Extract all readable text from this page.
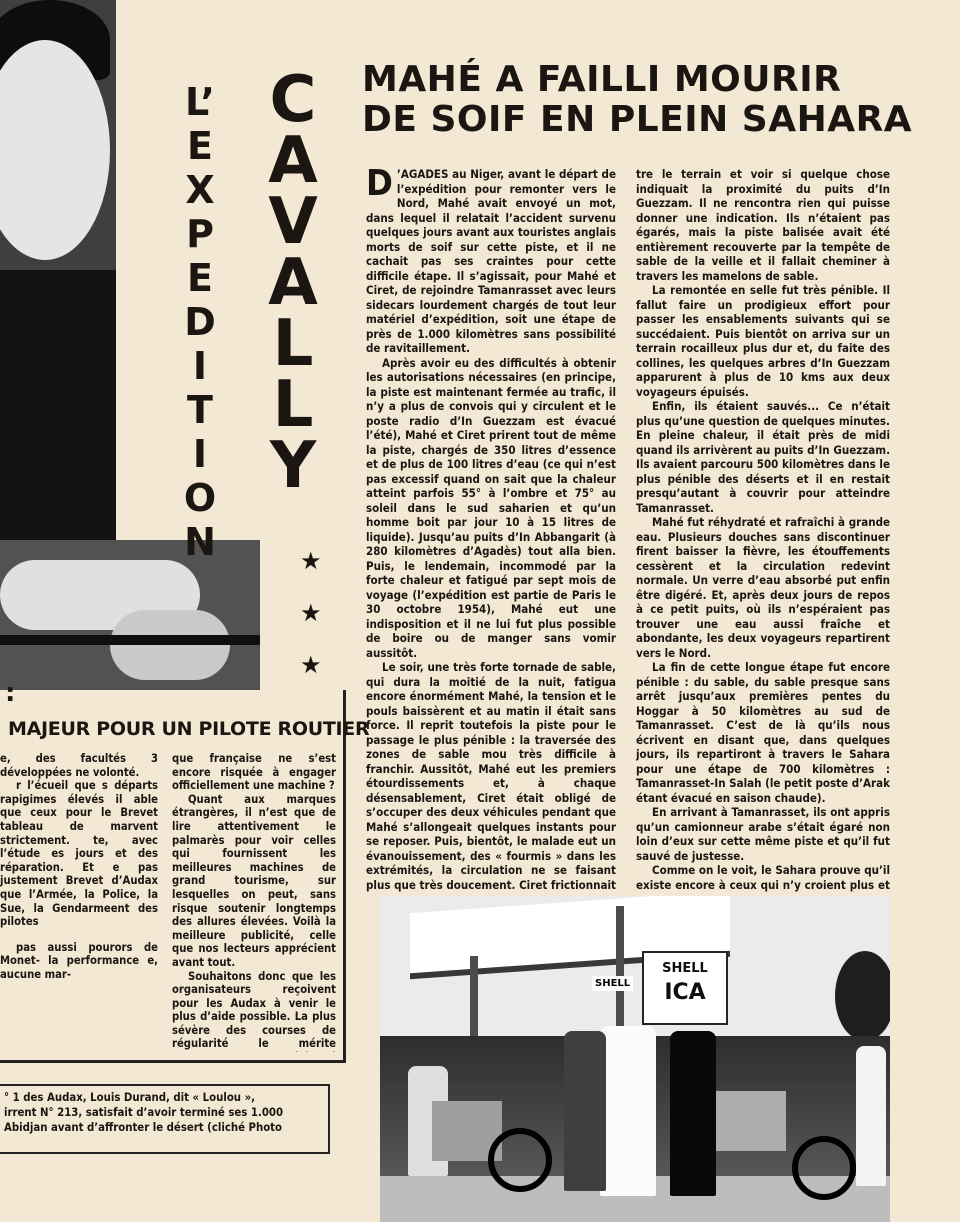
L’
E
X
P
E
D
I
T
I
O
N
C
A
V
A
L
L
Y
★
★
★
MAHÉ A FAILLI MOURIR
DE SOIF EN PLEIN SAHARA

D ’AGADES au Niger, avant le départ de l’expédition pour remonter vers le Nord, Mahé avait envoyé un mot, dans lequel il relatait l’accident survenu quelques jours avant aux touristes anglais morts de soif sur cette piste, et il ne cachait pas ses craintes pour cette difficile étape. Il s’agissait, pour Mahé et Ciret, de rejoindre Tamanrasset avec leurs sidecars lourdement chargés de tout leur matériel d’expédition, soit une étape de près de 1.000 kilomètres sans possibilité de ravitaillement.

Après avoir eu des difficultés à obtenir les autorisations nécessaires (en principe, la piste est maintenant fermée au trafic, il n’y a plus de convois qui y circulent et le poste radio d’In Guezzam est évacué l’été), Mahé et Ciret prirent tout de même la piste, chargés de 350 litres d’essence et de plus de 100 litres d’eau (ce qui n’est pas excessif quand on sait que la chaleur atteint parfois 55° à l’ombre et 75° au soleil dans le sud saharien et qu’un homme boit par jour 10 à 15 litres de liquide). Jusqu’au puits d’In Abbangarit (à 280 kilomètres d’Agadès) tout alla bien. Puis, le lendemain, incommodé par la forte chaleur et fatigué par sept mois de voyage (l’expédition est partie de Paris le 30 octobre 1954), Mahé eut une indisposition et il ne lui fut plus possible de boire ou de manger sans vomir aussitôt.

Le soir, une très forte tornade de sable, qui dura la moitié de la nuit, fatigua encore énormément Mahé, la tension et le pouls baissèrent et au matin il était sans force. Il reprit toutefois la piste pour le passage le plus pénible : la traversée des zones de sable mou très difficile à franchir. Aussitôt, Mahé eut les premiers étourdissements et, à chaque désensablement, Ciret était obligé de s’occuper des deux véhicules pendant que Mahé s’allongeait quelques instants pour se reposer. Puis, bientôt, le malade eut un évanouissement, des « fourmis » dans les extrémités, la circulation ne se faisant plus que très doucement. Ciret frictionnait

tre le terrain et voir si quelque chose indiquait la proximité du puits d’In Guezzam. Il ne rencontra rien qui puisse donner une indication. Ils n’étaient pas égarés, mais la piste balisée avait été entièrement recouverte par la tempête de sable de la veille et il fallait cheminer à travers les mamelons de sable.

La remontée en selle fut très pénible. Il fallut faire un prodigieux effort pour passer les ensablements suivants qui se succédaient. Puis bientôt on arriva sur un terrain rocailleux plus dur et, du faite des collines, les quelques arbres d’In Guezzam apparurent à plus de 10 kms aux deux voyageurs épuisés.

Enfin, ils étaient sauvés... Ce n’était plus qu’une question de quelques minutes. En pleine chaleur, il était près de midi quand ils arrivèrent au puits d’In Guezzam. Ils avaient parcouru 500 kilomètres dans le plus pénible des déserts et il en restait presqu’autant à couvrir pour atteindre Tamanrasset.

Mahé fut réhydraté et rafraîchi à grande eau. Plusieurs douches sans discontinuer firent baisser la fièvre, les étouffements cessèrent et la circulation redevint normale. Un verre d’eau absorbé put enfin être digéré. Et, après deux jours de repos à ce petit puits, où ils n’espéraient pas trouver une eau aussi fraîche et abondante, les deux voyageurs repartirent vers le Nord.

La fin de cette longue étape fut encore pénible : du sable, du sable presque sans arrêt jusqu’aux premières pentes du Hoggar à 50 kilomètres au sud de Tamanrasset. C’est de là qu’ils nous écrivent en disant que, dans quelques jours, ils repartiront à travers le Sahara pour une étape de 700 kilomètres : Tamanrasset-In Salah (le petit poste d’Arak étant évacué en saison chaude).

En arrivant à Tamanrasset, ils ont appris qu’un camionneur arabe s’était égaré non loin d’eux sur cette même piste et qu’il fut sauvé de justesse.

Comme on le voit, le Sahara prouve qu’il existe encore à ceux qui n’y croient plus et

:
MAJEUR POUR UN PILOTE ROUTIER

e, des facultés 3 développées ne volonté.

r l’écueil que s départs rapigimes élevés il able que ceux pour le Brevet tableau de marvent strictement. te, avec l’étude es jours et des réparation. Et e pas justement Brevet d’Audax que l’Armée, la Police, la Sue, la Gendarmeent des pilotes

pas aussi pourors de Monet- la performance e, aucune mar-

que française ne s’est encore risquée à engager officiellement une machine ?

Quant aux marques étrangères, il n’est que de lire attentivement le palmarès pour voir celles qui fournissent les meilleures machines de grand tourisme, sur lesquelles on peut, sans risque soutenir longtemps des allures élevées. Voilà la meilleure publicité, celle que nos lecteurs apprécient avant tout.

Souhaitons donc que les organisateurs reçoivent pour les Audax à venir le plus d’aide possible. La plus sévère des courses de régularité le mérite

° 1 des Audax, Louis Durand, dit « Loulou »,
irrent N° 213, satisfait d’avoir terminé ses 1.000
Abidjan avant d’affronter le désert (cliché Photo
SHELL
ICA
SHELL
